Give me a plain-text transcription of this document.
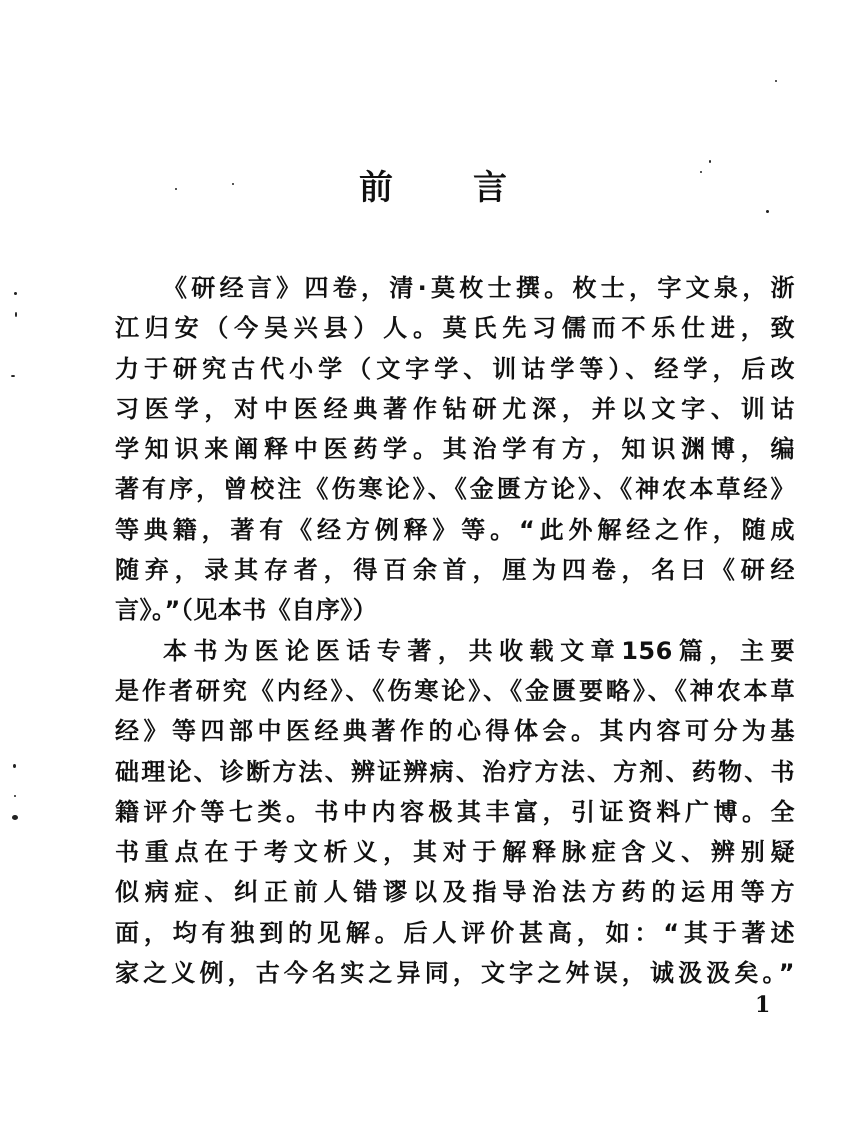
前 言
《研经言》四卷，清·莫枚士撰。枚士，字文泉，浙
江归安（今吴兴县）人。莫氏先习儒而不乐仕进，致
力于研究古代小学（文字学、训诂学等）、经学，后改
习医学，对中医经典著作钻研尤深，并以文字、训诂
学知识来阐释中医药学。其治学有方，知识渊博，编
著有序，曾校注《伤寒论》、《金匮方论》、《神农本草经》
等典籍，著有《经方例释》等。“此外解经之作，随成
随弃，录其存者，得百余首，厘为四卷，名曰《研经
言》。”（见本书《自序》）
本书为医论医话专著，共收载文章156篇，主要
是作者研究《内经》、《伤寒论》、《金匮要略》、《神农本草
经》等四部中医经典著作的心得体会。其内容可分为基
础理论、诊断方法、辨证辨病、治疗方法、方剂、药物、书
籍评介等七类。书中内容极其丰富，引证资料广博。全
书重点在于考文析义，其对于解释脉症含义、辨别疑
似病症、纠正前人错谬以及指导治法方药的运用等方
面，均有独到的见解。后人评价甚高，如：“其于著述
家之义例，古今名实之异同，文字之舛误，诚汲汲矣。”
1
